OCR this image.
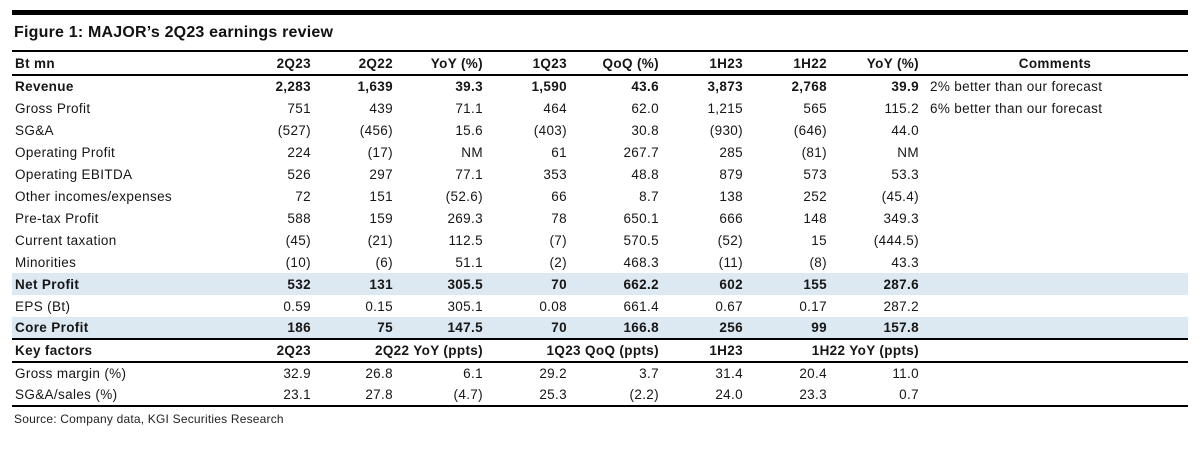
Figure 1: MAJOR’s 2Q23 earnings review
Bt mn	2Q23	2Q22	YoY (%)	1Q23	QoQ (%)	1H23	1H22	YoY (%)	Comments
Revenue	2,283	1,639	39.3	1,590	43.6	3,873	2,768	39.9	2% better than our forecast
Gross Profit	751	439	71.1	464	62.0	1,215	565	115.2	6% better than our forecast
SG&A	(527)	(456)	15.6	(403)	30.8	(930)	(646)	44.0	
Operating Profit	224	(17)	NM	61	267.7	285	(81)	NM	
Operating EBITDA	526	297	77.1	353	48.8	879	573	53.3	
Other incomes/expenses	72	151	(52.6)	66	8.7	138	252	(45.4)	
Pre-tax Profit	588	159	269.3	78	650.1	666	148	349.3	
Current taxation	(45)	(21)	112.5	(7)	570.5	(52)	15	(444.5)	
Minorities	(10)	(6)	51.1	(2)	468.3	(11)	(8)	43.3	
Net Profit	532	131	305.5	70	662.2	602	155	287.6	
EPS (Bt)	0.59	0.15	305.1	0.08	661.4	0.67	0.17	287.2	
Core Profit	186	75	147.5	70	166.8	256	99	157.8	
Key factors	2Q23	2Q22 YoY (ppts)		1Q23 QoQ (ppts)		1H23	1H22 YoY (ppts)		
Gross margin (%)	32.9	26.8	6.1	29.2	3.7	31.4	20.4	11.0	
SG&A/sales (%)	23.1	27.8	(4.7)	25.3	(2.2)	24.0	23.3	0.7	
Source: Company data, KGI Securities Research
